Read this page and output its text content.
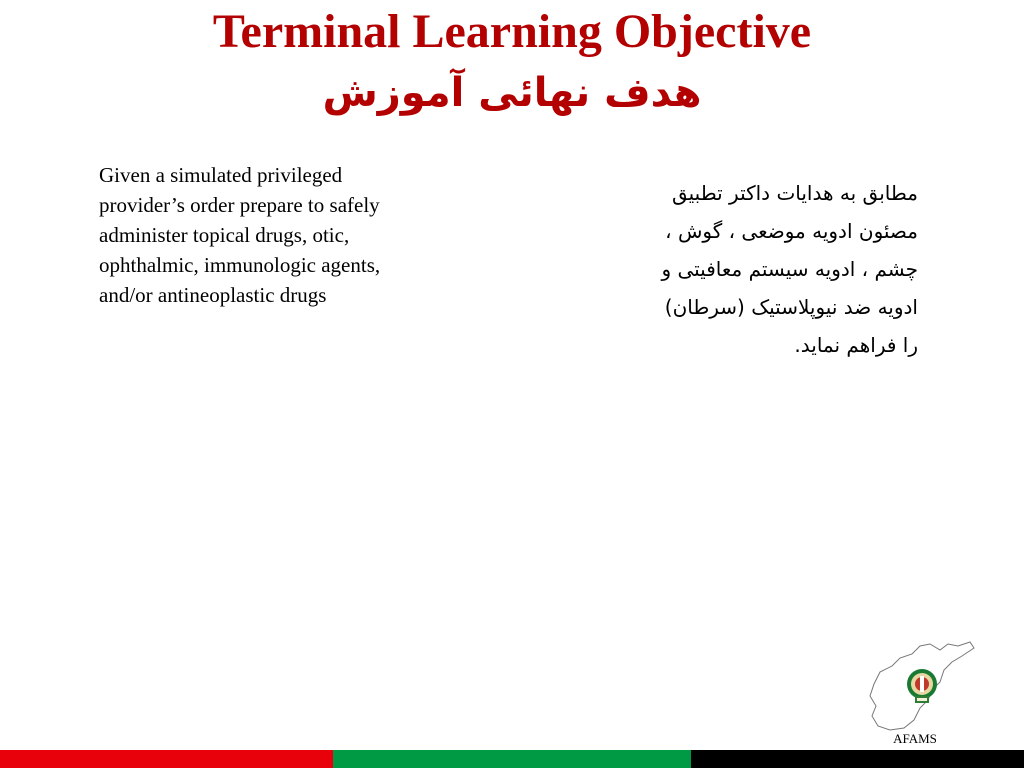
Terminal Learning Objective
هدف نهائی آموزش
Given a simulated privileged provider’s order prepare to safely administer topical drugs, otic, ophthalmic, immunologic agents, and/or antineoplastic drugs
مطابق به هدایات داکتر تطبیق
مصئون ادویه موضعی ، گوش ،
چشم ، ادویه سیستم معافیتی و
ادویه ضد نیوپلاستیک (سرطان)
را فراهم نماید.
AFAMS
